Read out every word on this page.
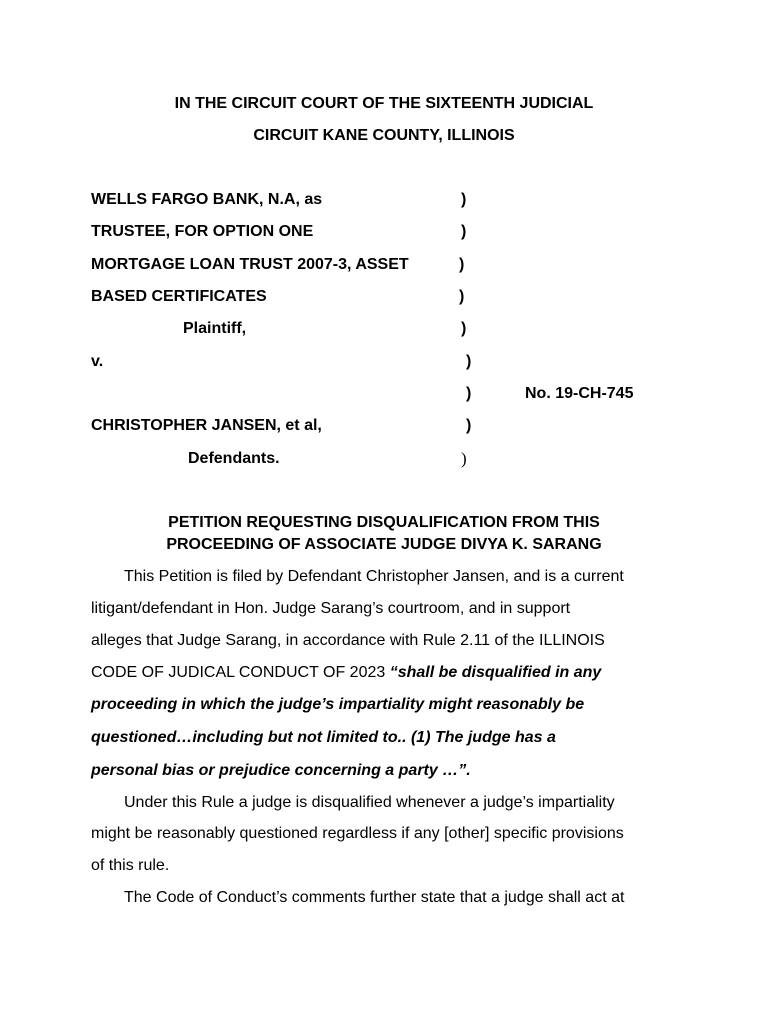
IN THE CIRCUIT COURT OF THE SIXTEENTH JUDICIAL
CIRCUIT KANE COUNTY, ILLINOIS
WELLS FARGO BANK, N.A, as
TRUSTEE, FOR OPTION ONE
MORTGAGE LOAN TRUST 2007-3, ASSET
BASED CERTIFICATES
Plaintiff,
v.
CHRISTOPHER JANSEN, et al,
Defendants.
)
)
)
)
)
)
)
)
)
No. 19-CH-745
PETITION REQUESTING DISQUALIFICATION FROM THIS
PROCEEDING OF ASSOCIATE JUDGE DIVYA K. SARANG
This Petition is filed by Defendant Christopher Jansen, and is a current
litigant/defendant in Hon. Judge Sarang’s courtroom, and in support
alleges that Judge Sarang, in accordance with Rule 2.11 of the ILLINOIS
CODE OF JUDICAL CONDUCT OF 2023 “shall be disqualified in any
proceeding in which the judge’s impartiality might reasonably be
questioned…including but not limited to.. (1) The judge has a
personal bias or prejudice concerning a party …”.
Under this Rule a judge is disqualified whenever a judge’s impartiality
might be reasonably questioned regardless if any [other] specific provisions
of this rule.
The Code of Conduct’s comments further state that a judge shall act at
